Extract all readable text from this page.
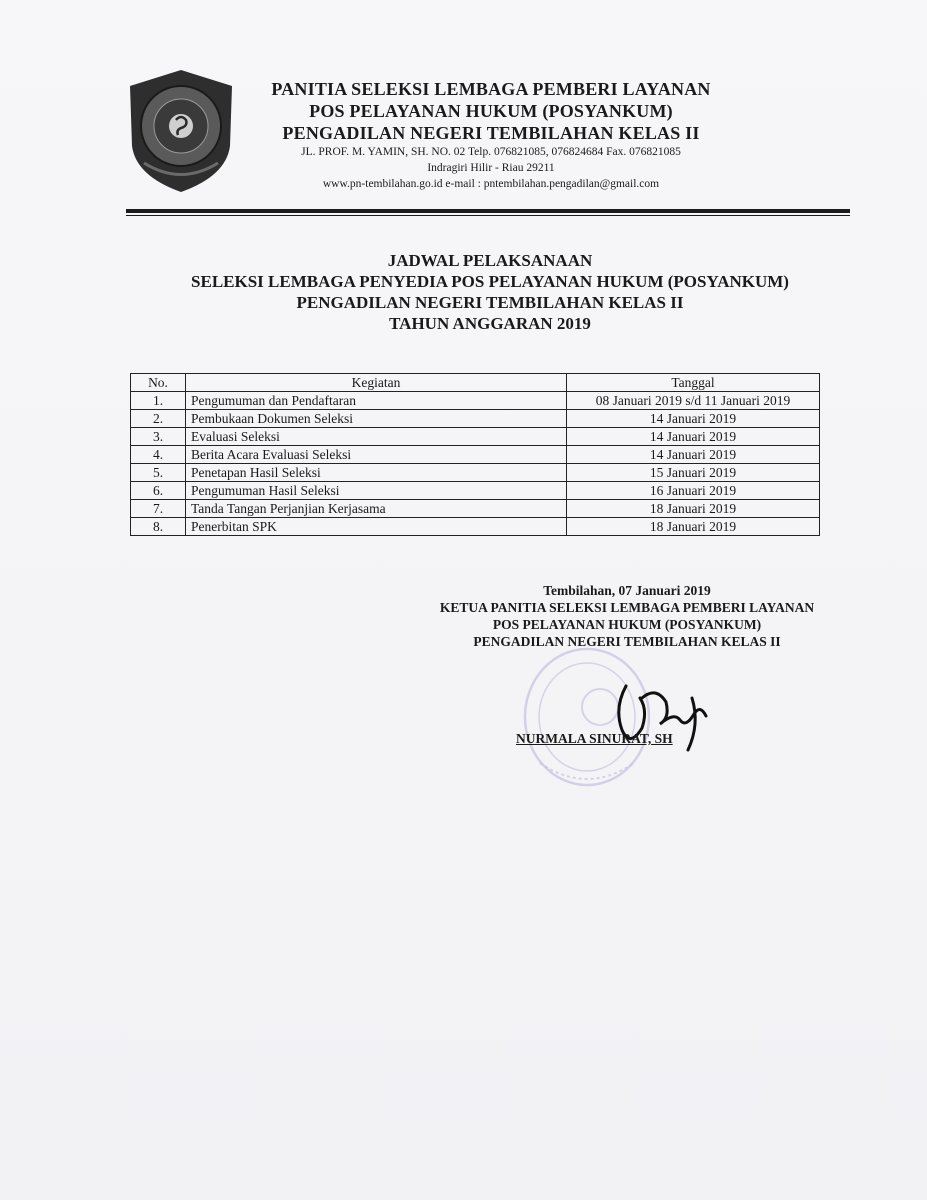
PANITIA SELEKSI LEMBAGA PEMBERI LAYANAN
POS PELAYANAN HUKUM (POSYANKUM)
PENGADILAN NEGERI TEMBILAHAN KELAS II
JL. PROF. M. YAMIN, SH. NO. 02 Telp. 076821085, 076824684 Fax. 076821085
Indragiri Hilir - Riau 29211
www.pn-tembilahan.go.id e-mail : pntembilahan.pengadilan@gmail.com
JADWAL PELAKSANAAN
SELEKSI LEMBAGA PENYEDIA POS PELAYANAN HUKUM (POSYANKUM)
PENGADILAN NEGERI TEMBILAHAN KELAS II
TAHUN ANGGARAN 2019
No.	Kegiatan	Tanggal
1.	Pengumuman dan Pendaftaran	08 Januari 2019 s/d 11 Januari 2019
2.	Pembukaan Dokumen Seleksi	14 Januari 2019
3.	Evaluasi Seleksi	14 Januari 2019
4.	Berita Acara Evaluasi Seleksi	14 Januari 2019
5.	Penetapan Hasil Seleksi	15 Januari 2019
6.	Pengumuman Hasil Seleksi	16 Januari 2019
7.	Tanda Tangan Perjanjian Kerjasama	18 Januari 2019
8.	Penerbitan SPK	18 Januari 2019
Tembilahan, 07 Januari 2019
KETUA PANITIA SELEKSI LEMBAGA PEMBERI LAYANAN
POS PELAYANAN HUKUM (POSYANKUM)
PENGADILAN NEGERI TEMBILAHAN KELAS II
NURMALA SINURAT, SH
